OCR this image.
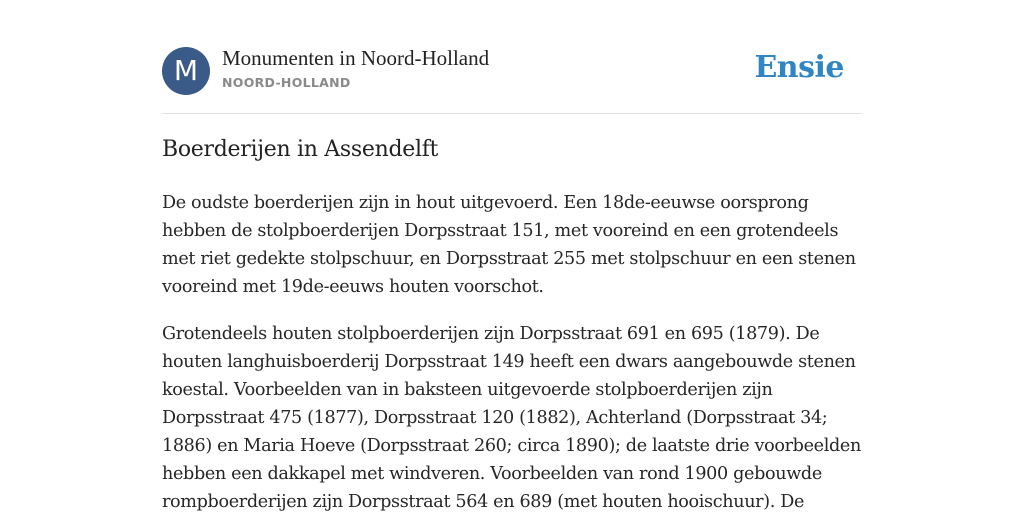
M	Monumenten in Noord-Holland
NOORD-HOLLAND	Ensie
Boerderijen in Assendelft

De oudste boerderijen zijn in hout uitgevoerd. Een 18de-eeuwse oorsprong hebben de stolpboerderijen Dorpsstraat 151, met vooreind en een grotendeels met riet gedekte stolpschuur, en Dorpsstraat 255 met stolpschuur en een stenen vooreind met 19de-eeuws houten voorschot.

Grotendeels houten stolpboerderijen zijn Dorpsstraat 691 en 695 (1879). De houten langhuisboerderij Dorpsstraat 149 heeft een dwars aangebouwde stenen koestal. Voorbeelden van in baksteen uitgevoerde stolpboerderijen zijn Dorpsstraat 475 (1877), Dorpsstraat 120 (1882), Achterland (Dorpsstraat 34; 1886) en Maria Hoeve (Dorpsstraat 260; circa 1890); de laatste drie voorbeelden hebben een dakkapel met windveren. Voorbeelden van rond 1900 gebouwde rompboerderijen zijn Dorpsstraat 564 en 689 (met houten hooischuur). De
